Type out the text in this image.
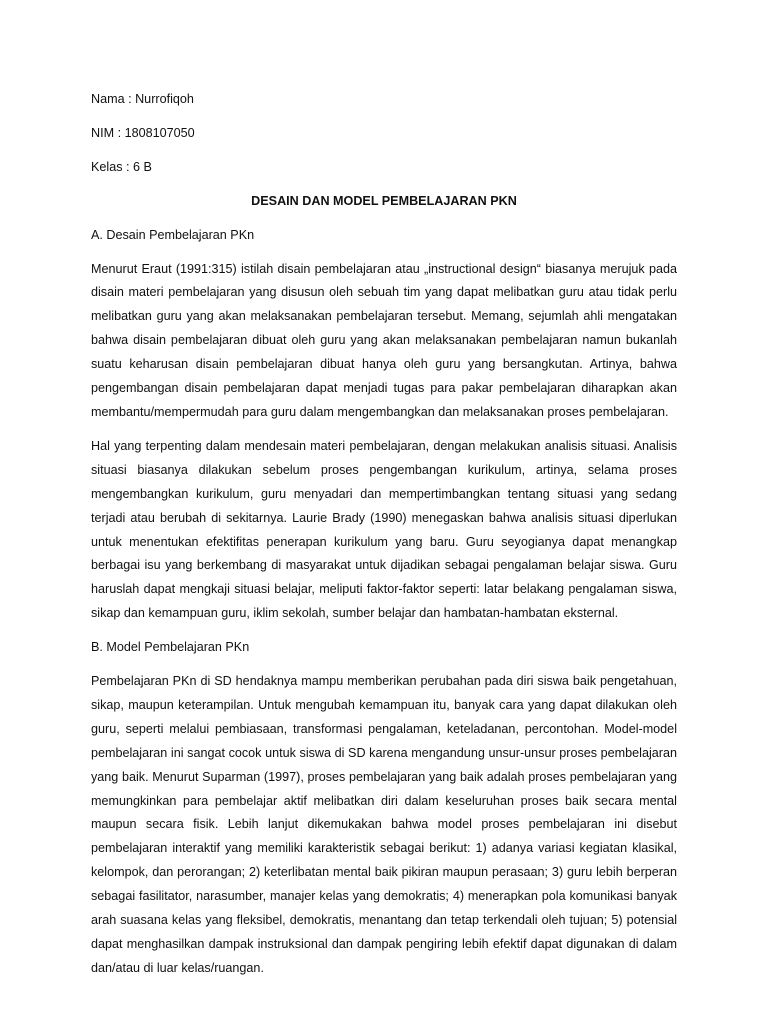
Nama : Nurrofiqoh
NIM : 1808107050
Kelas : 6 B
DESAIN DAN MODEL PEMBELAJARAN PKN
A. Desain Pembelajaran PKn

Menurut Eraut (1991:315) istilah disain pembelajaran atau „instructional design“ biasanya merujuk pada disain materi pembelajaran yang disusun oleh sebuah tim yang dapat melibatkan guru atau tidak perlu melibatkan guru yang akan melaksanakan pembelajaran tersebut. Memang, sejumlah ahli mengatakan bahwa disain pembelajaran dibuat oleh guru yang akan melaksanakan pembelajaran namun bukanlah suatu keharusan disain pembelajaran dibuat hanya oleh guru yang bersangkutan. Artinya, bahwa pengembangan disain pembelajaran dapat menjadi tugas para pakar pembelajaran diharapkan akan membantu/mempermudah para guru dalam mengembangkan dan melaksanakan proses pembelajaran.

Hal yang terpenting dalam mendesain materi pembelajaran, dengan melakukan analisis situasi. Analisis situasi biasanya dilakukan sebelum proses pengembangan kurikulum, artinya, selama proses mengembangkan kurikulum, guru menyadari dan mempertimbangkan tentang situasi yang sedang terjadi atau berubah di sekitarnya. Laurie Brady (1990) menegaskan bahwa analisis situasi diperlukan untuk menentukan efektifitas penerapan kurikulum yang baru. Guru seyogianya dapat menangkap berbagai isu yang berkembang di masyarakat untuk dijadikan sebagai pengalaman belajar siswa. Guru haruslah dapat mengkaji situasi belajar, meliputi faktor-faktor seperti: latar belakang pengalaman siswa, sikap dan kemampuan guru, iklim sekolah, sumber belajar dan hambatan-hambatan eksternal.

B. Model Pembelajaran PKn

Pembelajaran PKn di SD hendaknya mampu memberikan perubahan pada diri siswa baik pengetahuan, sikap, maupun keterampilan. Untuk mengubah kemampuan itu, banyak cara yang dapat dilakukan oleh guru, seperti melalui pembiasaan, transformasi pengalaman, keteladanan, percontohan. Model-model pembelajaran ini sangat cocok untuk siswa di SD karena mengandung unsur-unsur proses pembelajaran yang baik. Menurut Suparman (1997), proses pembelajaran yang baik adalah proses pembelajaran yang memungkinkan para pembelajar aktif melibatkan diri dalam keseluruhan proses baik secara mental maupun secara fisik. Lebih lanjut dikemukakan bahwa model proses pembelajaran ini disebut pembelajaran interaktif yang memiliki karakteristik sebagai berikut: 1) adanya variasi kegiatan klasikal, kelompok, dan perorangan; 2) keterlibatan mental baik pikiran maupun perasaan; 3) guru lebih berperan sebagai fasilitator, narasumber, manajer kelas yang demokratis; 4) menerapkan pola komunikasi banyak arah suasana kelas yang fleksibel, demokratis, menantang dan tetap terkendali oleh tujuan; 5) potensial dapat menghasilkan dampak instruksional dan dampak pengiring lebih efektif dapat digunakan di dalam dan/atau di luar kelas/ruangan.
